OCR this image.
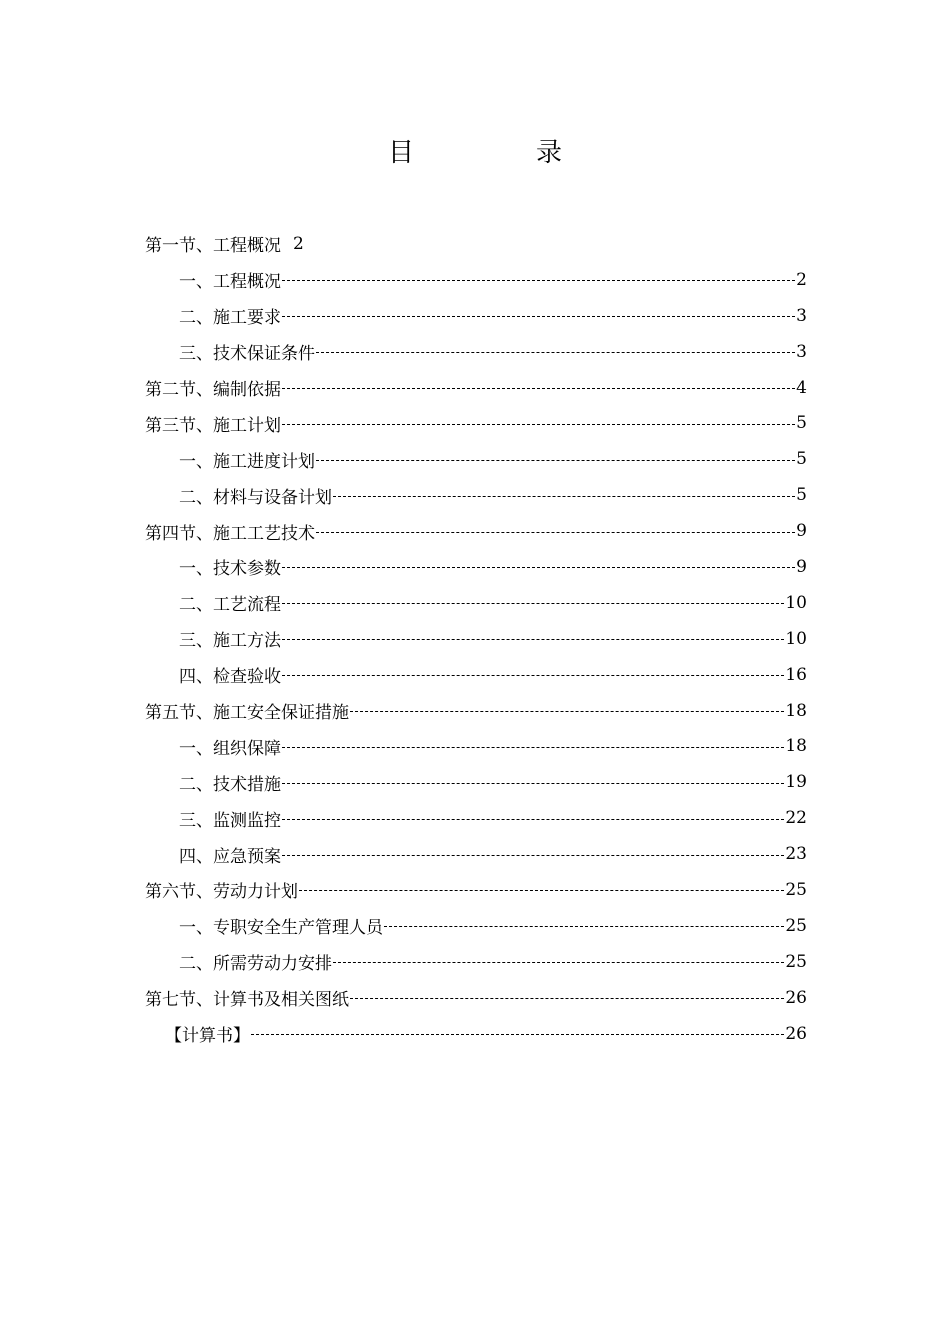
目　录
第一节、工程概况 2
一、工程概况	2
二、施工要求	3
三、技术保证条件	3
第二节、编制依据	4
第三节、施工计划	5
一、施工进度计划	5
二、材料与设备计划	5
第四节、施工工艺技术	9
一、技术参数	9
二、工艺流程	10
三、施工方法	10
四、检查验收	16
第五节、施工安全保证措施	18
一、组织保障	18
二、技术措施	19
三、监测监控	22
四、应急预案	23
第六节、劳动力计划	25
一、专职安全生产管理人员	25
二、所需劳动力安排	25
第七节、计算书及相关图纸	26
【计算书】	26
